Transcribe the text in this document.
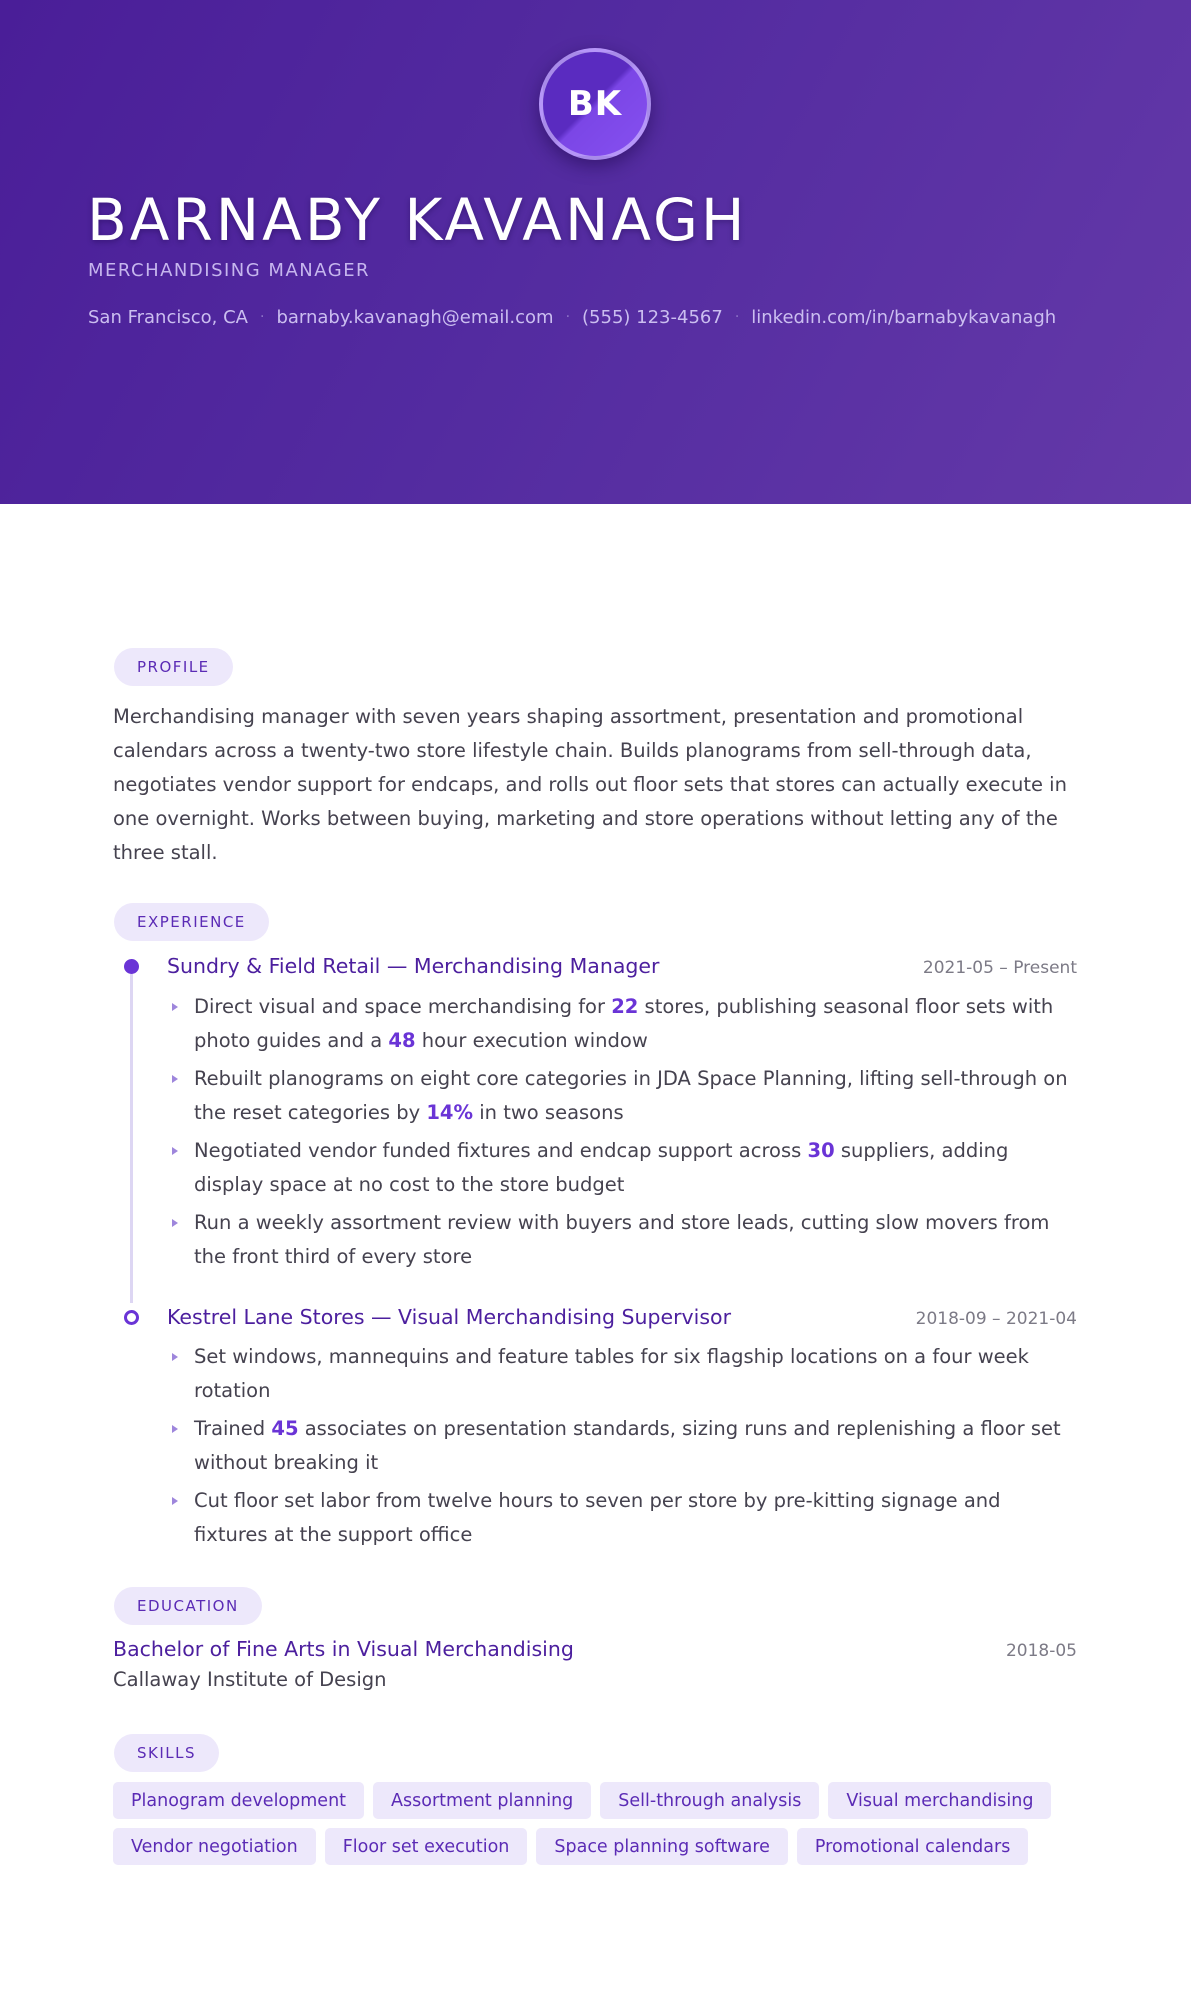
BK
BARNABY KAVANAGH
MERCHANDISING MANAGER
San Francisco, CA · barnaby.kavanagh@email.com · (555) 123-4567 · linkedin.com/in/barnabykavanagh
PROFILE
Merchandising manager with seven years shaping assortment, presentation and promotional calendars across a twenty-two store lifestyle chain. Builds planograms from sell-through data, negotiates vendor support for endcaps, and rolls out floor sets that stores can actually execute in one overnight. Works between buying, marketing and store operations without letting any of the three stall.
EXPERIENCE
Sundry & Field Retail — Merchandising Manager	2021-05 – Present
Direct visual and space merchandising for 22 stores, publishing seasonal floor sets with photo guides and a 48 hour execution window
Rebuilt planograms on eight core categories in JDA Space Planning, lifting sell-through on the reset categories by 14% in two seasons
Negotiated vendor funded fixtures and endcap support across 30 suppliers, adding display space at no cost to the store budget
Run a weekly assortment review with buyers and store leads, cutting slow movers from the front third of every store
Kestrel Lane Stores — Visual Merchandising Supervisor	2018-09 – 2021-04
Set windows, mannequins and feature tables for six flagship locations on a four week rotation
Trained 45 associates on presentation standards, sizing runs and replenishing a floor set without breaking it
Cut floor set labor from twelve hours to seven per store by pre-kitting signage and fixtures at the support office
EDUCATION
Bachelor of Fine Arts in Visual Merchandising	2018-05
Callaway Institute of Design
SKILLS
Planogram development	Assortment planning	Sell-through analysis	Visual merchandising
Vendor negotiation	Floor set execution	Space planning software	Promotional calendars
